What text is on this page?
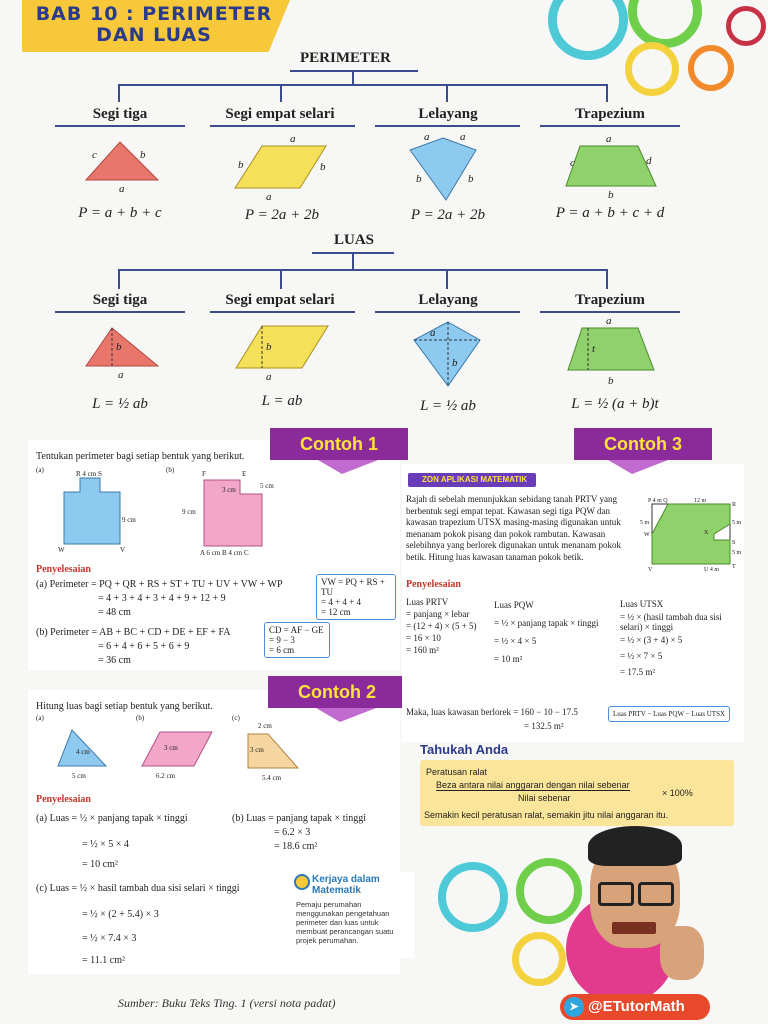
BAB 10 : PERIMETER
DAN LUAS
PERIMETER
Segi tiga	Segi empat selari	Lelayang	Trapezium
c	b
a
a
b	b
a
a	a
b	b
a
c	d
b
P = a + b + c	P = 2a + 2b	P = 2a + 2b	P = a + b + c + d
LUAS
Segi tiga	Segi empat selari	Lelayang	Trapezium
b
a
b
a
a
b
a
t
b
L = ½ ab	L = ab	L = ½ ab	L = ½ (a + b)t
Contoh 1
Tentukan perimeter bagi setiap bentuk yang berikut.
(a)	(b)
R 4 cm S
9 cm
W	V
F	E
3 cm	5 cm
9 cm
A 6 cm B 4 cm C
Penyelesaian
(a) Perimeter = PQ + QR + RS + ST + TU + UV + VW + WP
= 4 + 3 + 4 + 3 + 4 + 9 + 12 + 9
= 48 cm
VW = PQ + RS + TU
= 4 + 4 + 4
= 12 cm
(b) Perimeter = AB + BC + CD + DE + EF + FA
= 6 + 4 + 6 + 5 + 6 + 9
= 36 cm
CD = AF − GE
= 9 − 3
= 6 cm
Contoh 2
Hitung luas bagi setiap bentuk yang berikut.
(a)	(b)	(c)
4 cm
5 cm
3 cm
6.2 cm
2 cm
3 cm
5.4 cm
Penyelesaian
(a) Luas = ½ × panjang tapak × tinggi
= ½ × 5 × 4
= 10 cm²
(b) Luas = panjang tapak × tinggi
= 6.2 × 3
= 18.6 cm²
(c) Luas = ½ × hasil tambah dua sisi selari × tinggi
= ½ × (2 + 5.4) × 3
= ½ × 7.4 × 3
= 11.1 cm²
Kerjaya dalam Matematik
Pemaju perumahan menggunakan pengetahuan perimeter dan luas untuk membuat perancangan suatu projek perumahan.
Contoh 3
ZON APLIKASI MATEMATIK
Rajah di sebelah menunjukkan sebidang tanah PRTV yang berbentuk segi empat tepat. Kawasan segi tiga PQW dan kawasan trapezium UTSX masing-masing digunakan untuk menanam pokok pisang dan pokok rambutan. Kawasan selebihnya yang berlorek digunakan untuk menanam pokok betik. Hitung luas kawasan tanaman pokok betik.
P 4 m Q	12 m
R
5 m
W	X
S
5 m
5 m
V	U 4 m T
Penyelesaian
Luas PRTV
= panjang × lebar
= (12 + 4) × (5 + 5)
= 16 × 10
= 160 m²
Luas PQW
= ½ × panjang tapak × tinggi
= ½ × 4 × 5
= 10 m²
Luas UTSX
= ½ × (hasil tambah dua sisi selari) × tinggi
= ½ × (3 + 4) × 5
= ½ × 7 × 5
= 17.5 m²
Maka, luas kawasan berlorek = 160 − 10 − 17.5
= 132.5 m²
Luas PRTV − Luas PQW − Luas UTSX
Tahukah Anda
Peratusan ralat
Beza antara nilai anggaran dengan nilai sebenar
Nilai sebenar	× 100%
Semakin kecil peratusan ralat, semakin jitu nilai anggaran itu.
Sumber: Buku Teks Ting. 1 (versi nota padat)	➤ @ETutorMath
